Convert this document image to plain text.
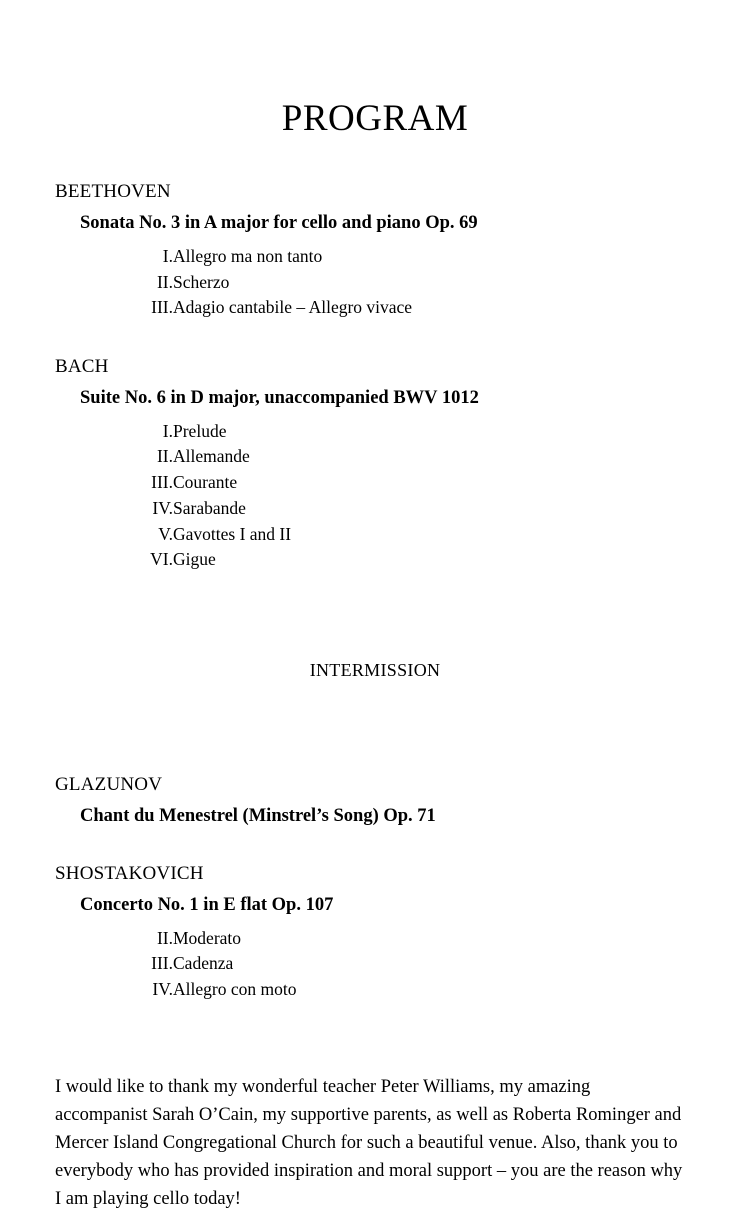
PROGRAM
BEETHOVEN
Sonata No. 3 in A major for cello and piano Op. 69
I.	Allegro ma non tanto
II.	Scherzo
III.	Adagio cantabile – Allegro vivace
BACH
Suite No. 6 in D major, unaccompanied BWV 1012
I.	Prelude
II.	Allemande
III.	Courante
IV.	Sarabande
V.	Gavottes I and II
VI.	Gigue
INTERMISSION
GLAZUNOV
Chant du Menestrel (Minstrel’s Song) Op. 71
SHOSTAKOVICH
Concerto No. 1 in E flat Op. 107
II.	Moderato
III.	Cadenza
IV.	Allegro con moto

I would like to thank my wonderful teacher Peter Williams, my amazing accompanist Sarah O’Cain, my supportive parents, as well as Roberta Rominger and Mercer Island Congregational Church for such a beautiful venue. Also, thank you to everybody who has provided inspiration and moral support – you are the reason why I am playing cello today!
